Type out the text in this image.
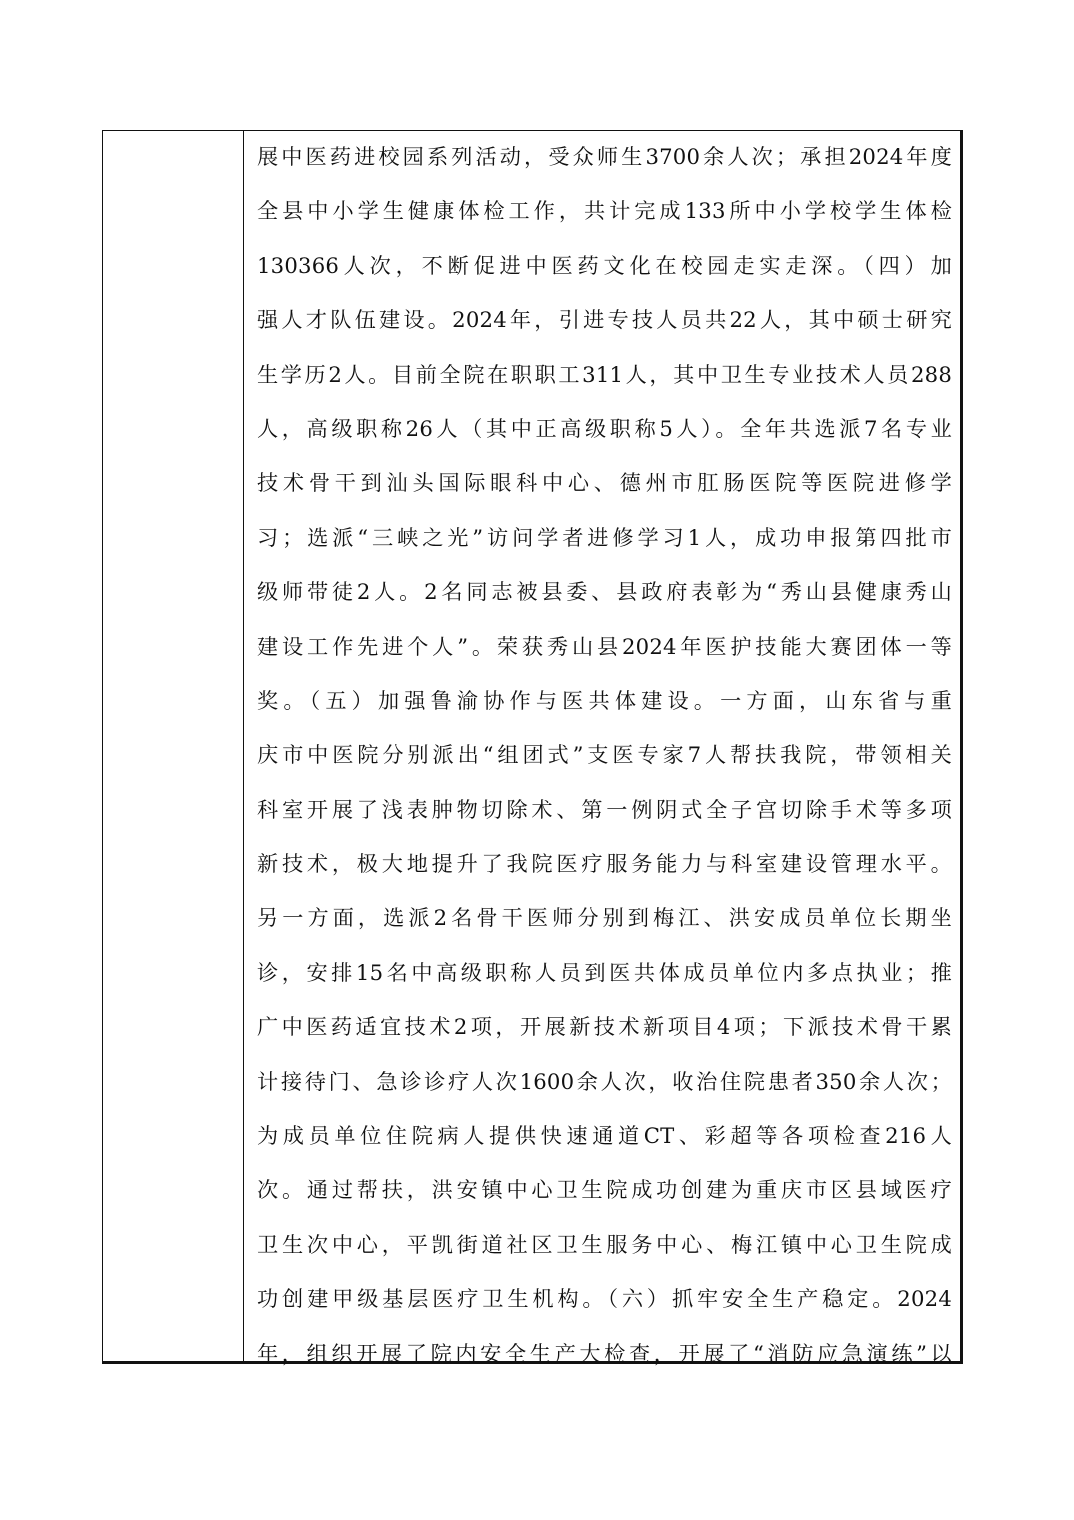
展中医药进校园系列活动，受众师生3700余人次；承担2024年度
全县中小学生健康体检工作，共计完成133所中小学校学生体检
130366人次，不断促进中医药文化在校园走实走深。（四）加
强人才队伍建设。2024年，引进专技人员共22人，其中硕士研究
生学历2人。目前全院在职职工311人，其中卫生专业技术人员288
人，高级职称26人（其中正高级职称5人）。全年共选派7名专业
技术骨干到汕头国际眼科中心、德州市肛肠医院等医院进修学
习；选派“三峡之光”访问学者进修学习1人，成功申报第四批市
级师带徒2人。2名同志被县委、县政府表彰为“秀山县健康秀山
建设工作先进个人”。荣获秀山县2024年医护技能大赛团体一等
奖。（五）加强鲁渝协作与医共体建设。一方面，山东省与重
庆市中医院分别派出“组团式”支医专家7人帮扶我院，带领相关
科室开展了浅表肿物切除术、第一例阴式全子宫切除手术等多项
新技术，极大地提升了我院医疗服务能力与科室建设管理水平。
另一方面，选派2名骨干医师分别到梅江、洪安成员单位长期坐
诊，安排15名中高级职称人员到医共体成员单位内多点执业；推
广中医药适宜技术2项，开展新技术新项目4项；下派技术骨干累
计接待门、急诊诊疗人次1600余人次，收治住院患者350余人次；
为成员单位住院病人提供快速通道CT、彩超等各项检查216人
次。通过帮扶，洪安镇中心卫生院成功创建为重庆市区县域医疗
卫生次中心，平凯街道社区卫生服务中心、梅江镇中心卫生院成
功创建甲级基层医疗卫生机构。（六）抓牢安全生产稳定。2024
年，组织开展了院内安全生产大检查，开展了“消防应急演练”以
